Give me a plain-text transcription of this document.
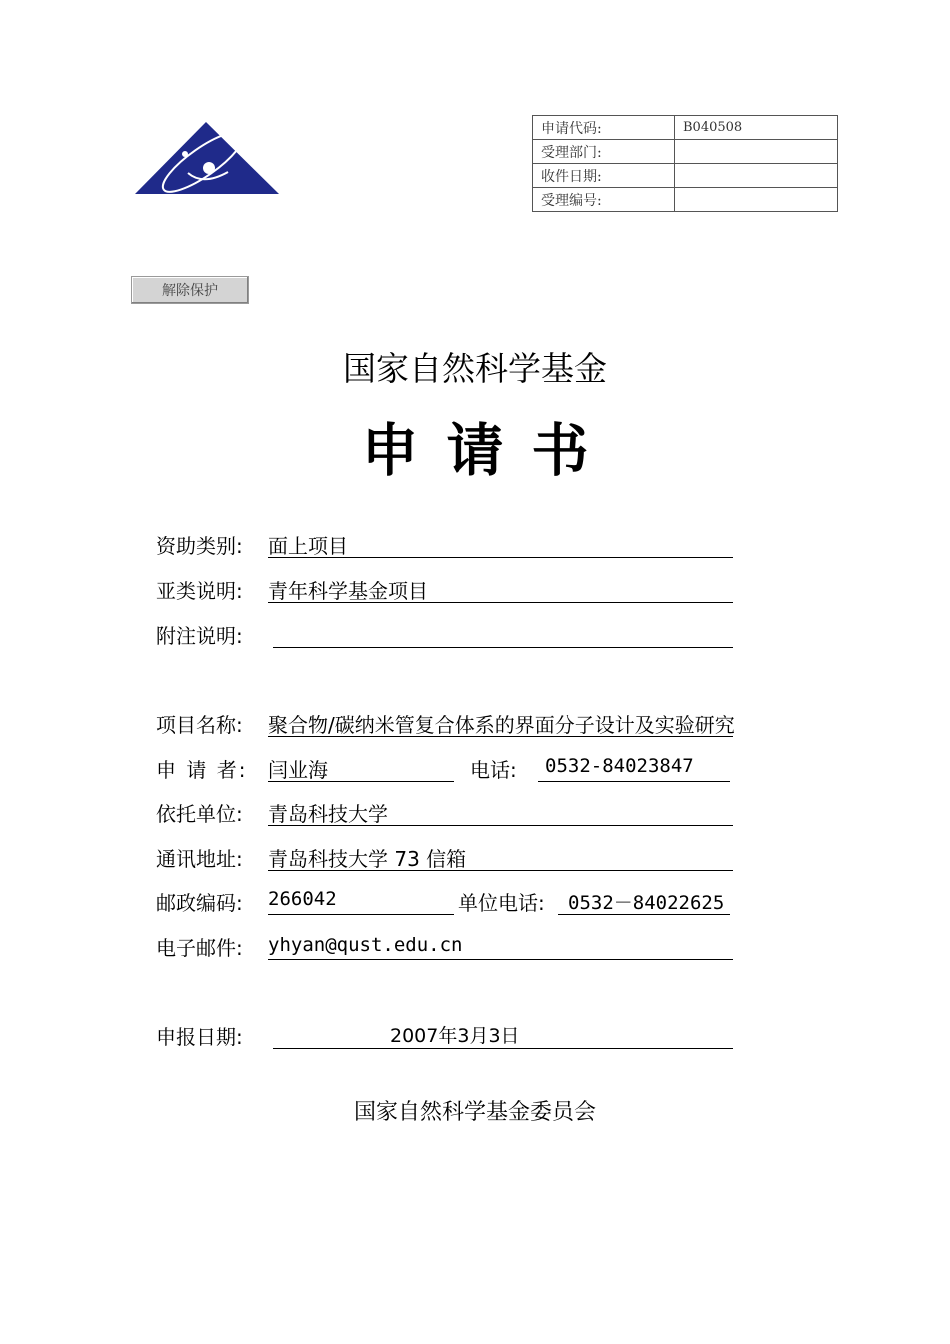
申请代码:	B040508
受理部门:	
收件日期:	
受理编号:	
解除保护
国家自然科学基金
申请书
资助类别: 面上项目
亚类说明: 青年科学基金项目
附注说明:
项目名称: 聚合物/碳纳米管复合体系的界面分子设计及实验研究
申 请 者: 闫业海	电话: 0532-84023847
依托单位: 青岛科技大学
通讯地址: 青岛科技大学 73 信箱
邮政编码: 266042	单位电话: 0532－84022625
电子邮件: yhyan@qust.edu.cn
申报日期:	2007年3月3日
国家自然科学基金委员会
